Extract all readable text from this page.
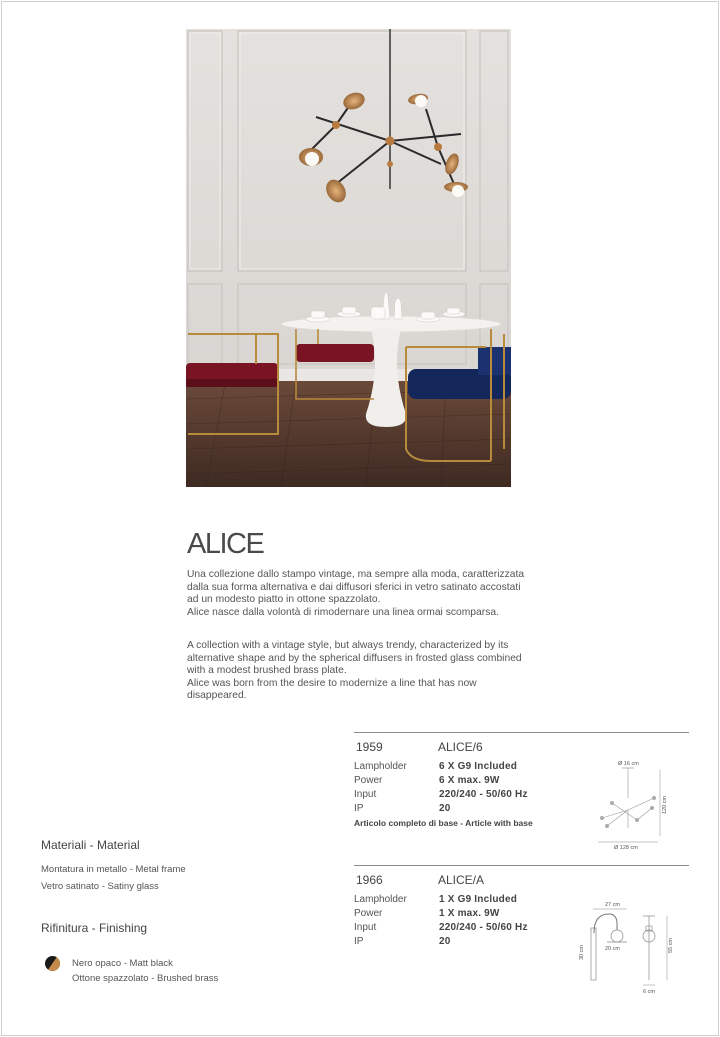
ALICE
Una collezione dallo stampo vintage, ma sempre alla moda, caratterizzata
dalla sua forma alternativa e dai diffusori sferici in vetro satinato accostati
ad un modesto piatto in ottone spazzolato.
Alice nasce dalla volontà di rimodernare una linea ormai scomparsa.
A collection with a vintage style, but always trendy, characterized by its
alternative shape and by the spherical diffusers in frosted glass combined
with a modest brushed brass plate.
Alice was born from the desire to modernize a line that has now
disappeared.
1959	ALICE/6
Lampholder	6 X G9 Included
Power	6 X max. 9W
Input	220/240 - 50/60 Hz
IP	20
Articolo completo di base - Article with base
Ø 16 cm
120 cm
Ø 128 cm
1966	ALICE/A
Lampholder	1 X G9 Included
Power	1 X max. 9W
Input	220/240 - 50/60 Hz
IP	20
27 cm
30 cm	20 cm	55 cm
6 cm
Materiali - Material
Montatura in metallo - Metal frame
Vetro satinato - Satiny glass
Rifinitura - Finishing
Nero opaco - Matt black
Ottone spazzolato - Brushed brass
